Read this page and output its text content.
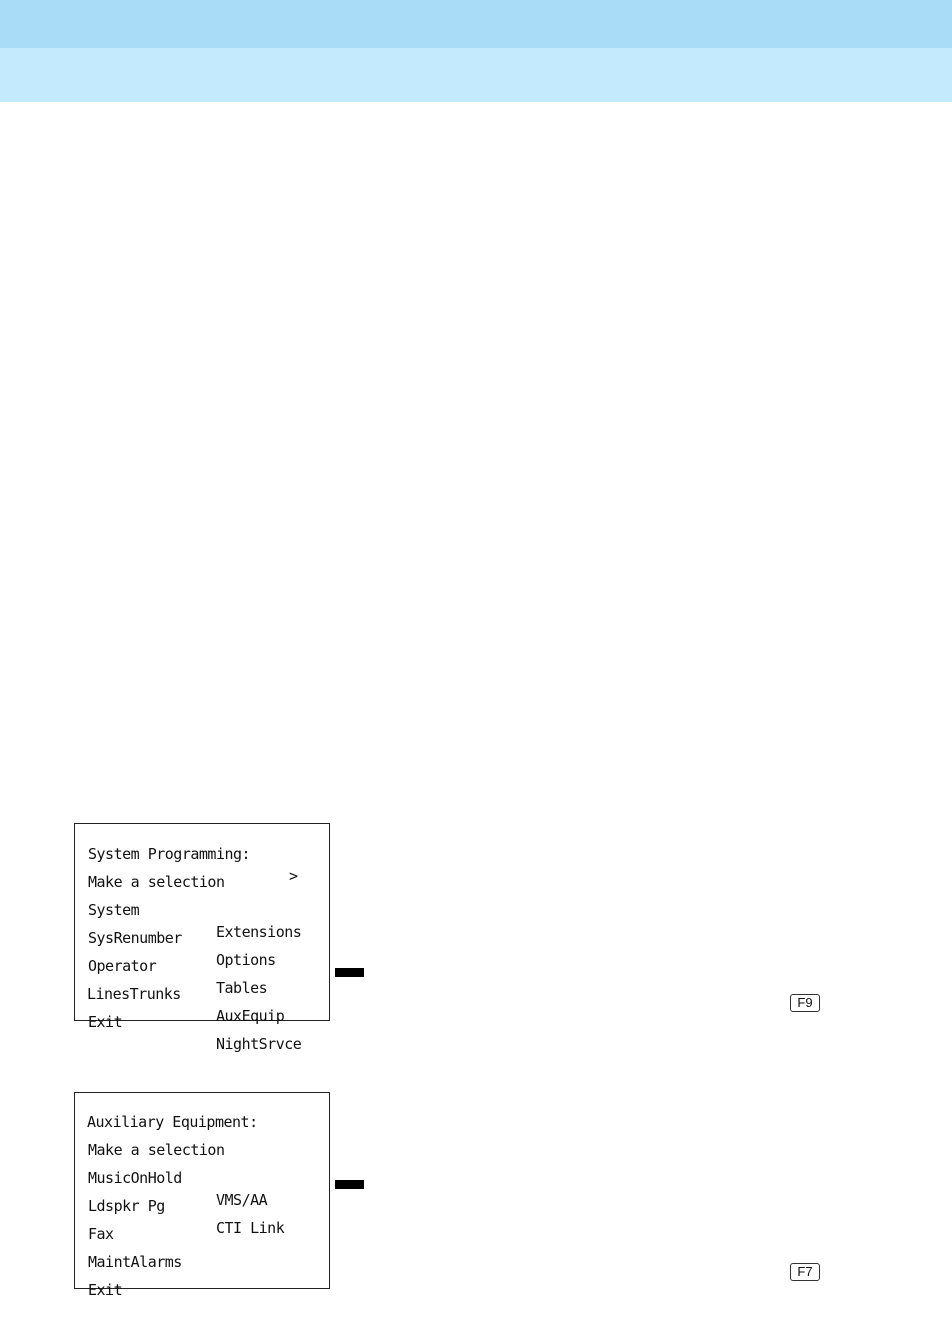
System Programming:

>

Make a selection

System

Extensions

SysRenumber

Options

Operator

Tables

LinesTrunks

AuxEquip

Exit

NightSrvce

F9

Auxiliary Equipment:

Make a selection

MusicOnHold

VMS/AA

Ldspkr Pg

CTI Link

Fax

MaintAlarms

Exit

F7
